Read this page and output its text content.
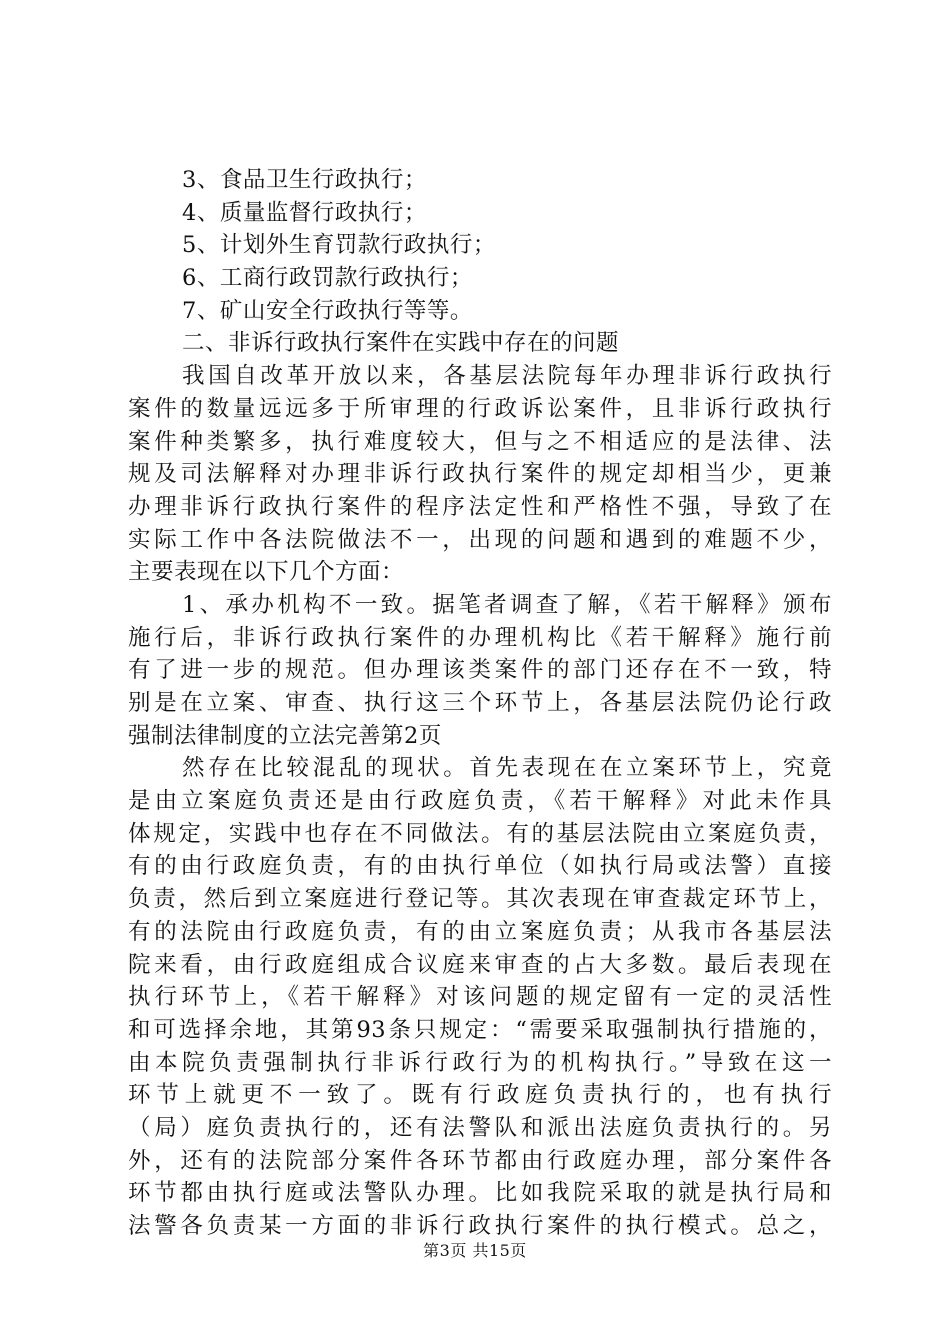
3、食品卫生行政执行；
4、质量监督行政执行；
5、计划外生育罚款行政执行；
6、工商行政罚款行政执行；
7、矿山安全行政执行等等。
二、非诉行政执行案件在实践中存在的问题
我国自改革开放以来，各基层法院每年办理非诉行政执行
案件的数量远远多于所审理的行政诉讼案件，且非诉行政执行
案件种类繁多，执行难度较大，但与之不相适应的是法律、法
规及司法解释对办理非诉行政执行案件的规定却相当少，更兼
办理非诉行政执行案件的程序法定性和严格性不强，导致了在
实际工作中各法院做法不一，出现的问题和遇到的难题不少，
主要表现在以下几个方面：
1、承办机构不一致。据笔者调查了解，《若干解释》颁布
施行后，非诉行政执行案件的办理机构比《若干解释》施行前
有了进一步的规范。但办理该类案件的部门还存在不一致，特
别是在立案、审查、执行这三个环节上，各基层法院仍论行政
强制法律制度的立法完善第2页
然存在比较混乱的现状。首先表现在在立案环节上，究竟
是由立案庭负责还是由行政庭负责，《若干解释》对此未作具
体规定，实践中也存在不同做法。有的基层法院由立案庭负责，
有的由行政庭负责，有的由执行单位（如执行局或法警）直接
负责，然后到立案庭进行登记等。其次表现在审查裁定环节上，
有的法院由行政庭负责，有的由立案庭负责；从我市各基层法
院来看，由行政庭组成合议庭来审查的占大多数。最后表现在
执行环节上，《若干解释》对该问题的规定留有一定的灵活性
和可选择余地，其第93条只规定：“需要采取强制执行措施的，
由本院负责强制执行非诉行政行为的机构执行。”导致在这一
环节上就更不一致了。既有行政庭负责执行的，也有执行
（局）庭负责执行的，还有法警队和派出法庭负责执行的。另
外，还有的法院部分案件各环节都由行政庭办理，部分案件各
环节都由执行庭或法警队办理。比如我院采取的就是执行局和
法警各负责某一方面的非诉行政执行案件的执行模式。总之，
第3页 共15页
